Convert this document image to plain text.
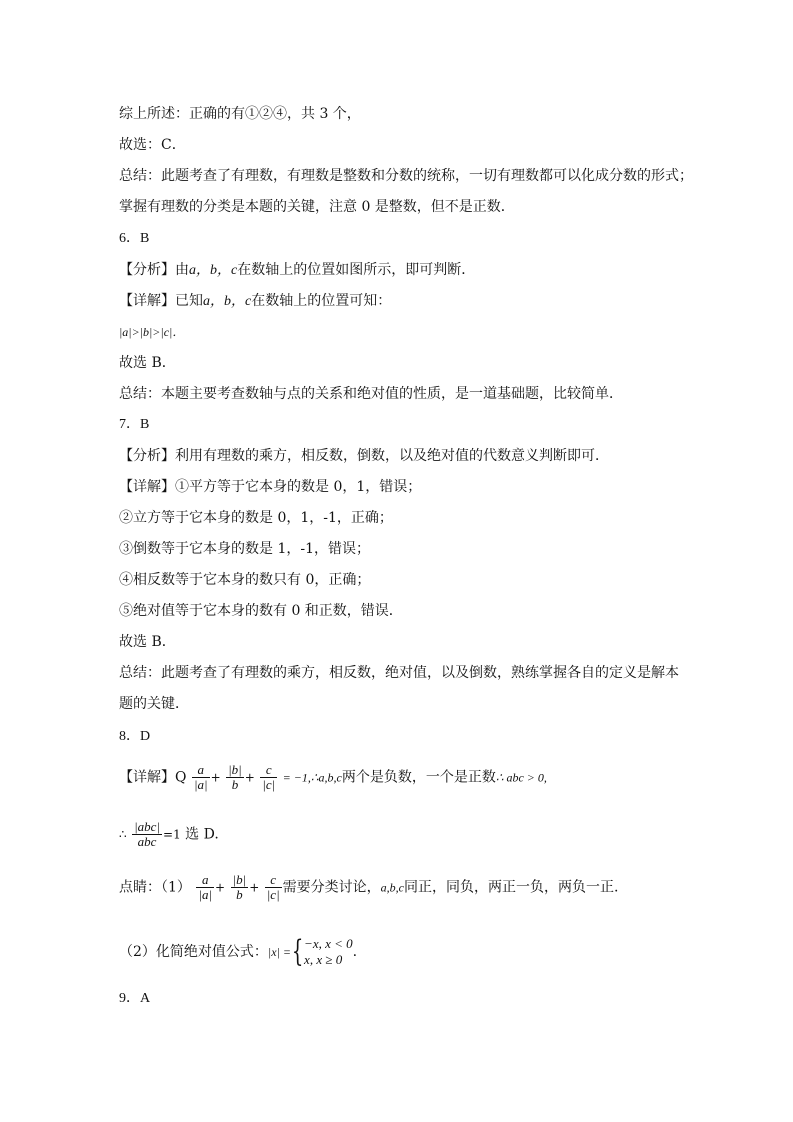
综上所述：正确的有①②④，共 3 个，
故选：C．
总结：此题考查了有理数，有理数是整数和分数的统称，一切有理数都可以化成分数的形式；
掌握有理数的分类是本题的关键，注意 0 是整数，但不是正数．
6．B
【分析】由a，b，c在数轴上的位置如图所示，即可判断．
【详解】已知a，b，c在数轴上的位置可知：
|a|>|b|>|c|．
故选 B．
总结：本题主要考查数轴与点的关系和绝对值的性质，是一道基础题，比较简单．
7．B
【分析】利用有理数的乘方，相反数，倒数，以及绝对值的代数意义判断即可．
【详解】①平方等于它本身的数是 0，1，错误；
②立方等于它本身的数是 0，1，-1，正确；
③倒数等于它本身的数是 1，-1，错误；
④相反数等于它本身的数只有 0，正确；
⑤绝对值等于它本身的数有 0 和正数，错误．
故选 B．
总结：此题考查了有理数的乘方，相反数，绝对值，以及倒数，熟练掌握各自的定义是解本
题的关键．
8．D
【详解】Q $\frac{a}{|a|} + \frac{|b|}{b} + \frac{c}{|c|}$ = −1,∴a,b,c两个是负数，一个是正数∴ abc > 0,
∴ $\frac{\text{|abc|}}{\text{abc}} =1$ 选 D.
点睛：$(1) \frac{a}{|a|} + \frac{|b|}{b} + \frac{c}{|c|}$ 需要分类讨论，a,b,c同正，同负，两正一负，两负一正.
（2）化简绝对值公式：|x| ={ −x, x < 0
x, x ≥ 0 .
9．A
